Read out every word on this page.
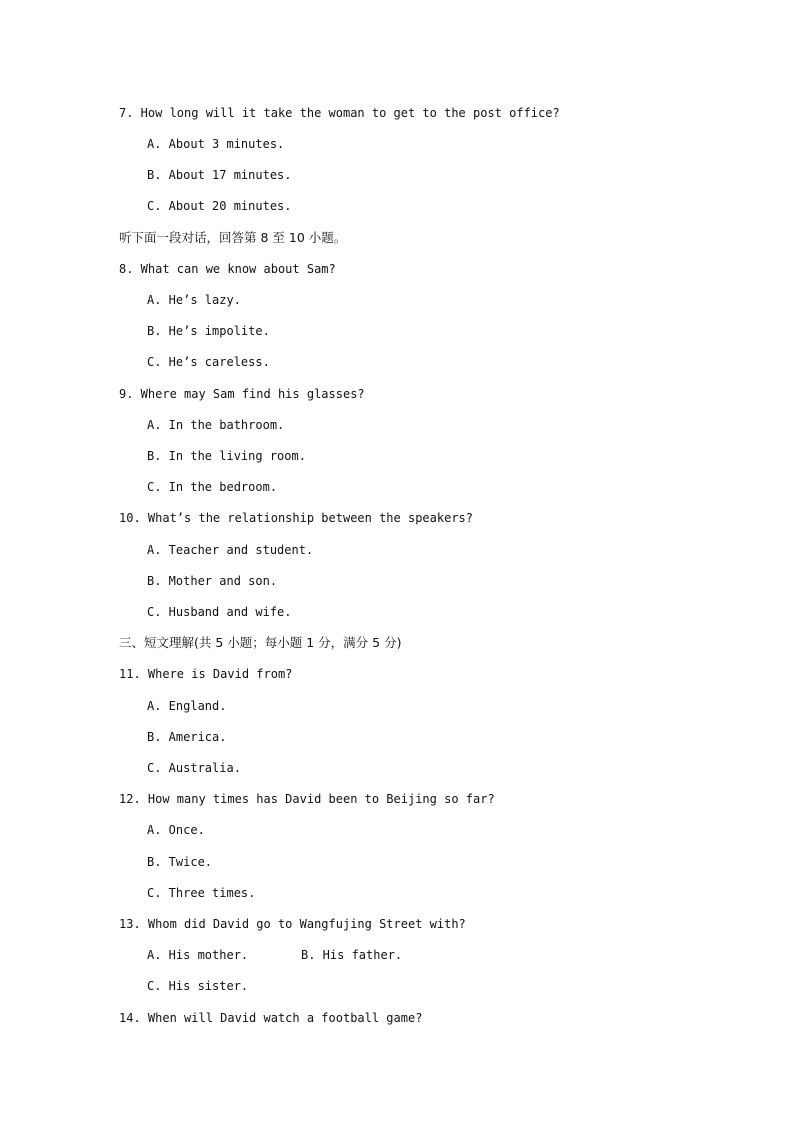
7. How long will it take the woman to get to the post office?
A. About 3 minutes.
B. About 17 minutes.
C. About 20 minutes.
听下面一段对话，回答第 8 至 10 小题。
8. What can we know about Sam?
A. He’s lazy.
B. He’s impolite.
C. He’s careless.
9. Where may Sam find his glasses?
A. In the bathroom.
B. In the living room.
C. In the bedroom.
10. What’s the relationship between the speakers?
A. Teacher and student.
B. Mother and son.
C. Husband and wife.
三、短文理解(共 5 小题；每小题 1 分，满分 5 分)
11. Where is David from?
A. England.
B. America.
C. Australia.
12. How many times has David been to Beijing so far?
A. Once.
B. Twice.
C. Three times.
13. Whom did David go to Wangfujing Street with?
A. His mother.	B. His father.
C. His sister.
14. When will David watch a football game?
